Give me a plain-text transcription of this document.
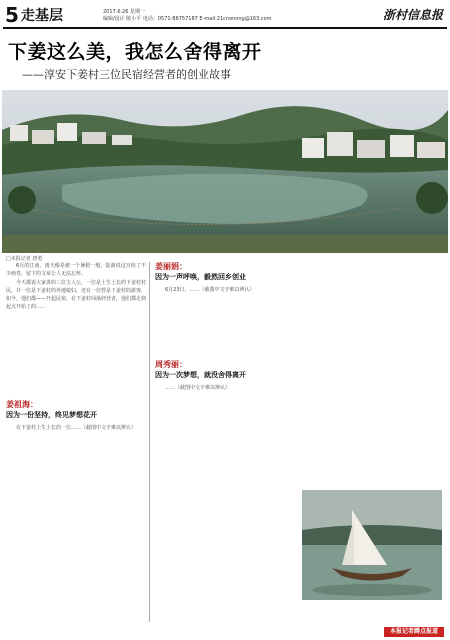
5 走基层	2017.6.26 星期一
编辑/设计 陈小平 电话：0571-86757187 E-mail:21cnonong@163.com	浙村信息报
下姜这么美，我怎么舍得离开
——淳安下姜村三位民宿经营者的创业故事
□本报记者 唐勇

6月的江南，雨天像是被一个暑假一般，陆游说这宫给了不少画卷，留下的文章让人无法忘怀。

今天都说大家讲的三位主人公，一位是土生土长的下姜村村民，并一位是下姜村的外地媳妇，还有一位曾是下姜村的游客，如今，他们都——开起民宿，在下姜村闯荡经营者，他们都走到起点开始了的……

姜祖海：
因为一份坚持，终见梦想花开

在下姜村土生土长的一位……（截图中文字难以辨认）

姜丽娟：
因为一声呼唤，毅然回乡创业

6月23日，……（截图中文字难以辨认）

周秀丽：
因为一次梦想，就没舍得离开

……（截图中文字难以辨认）

本报记者蹲点报道
